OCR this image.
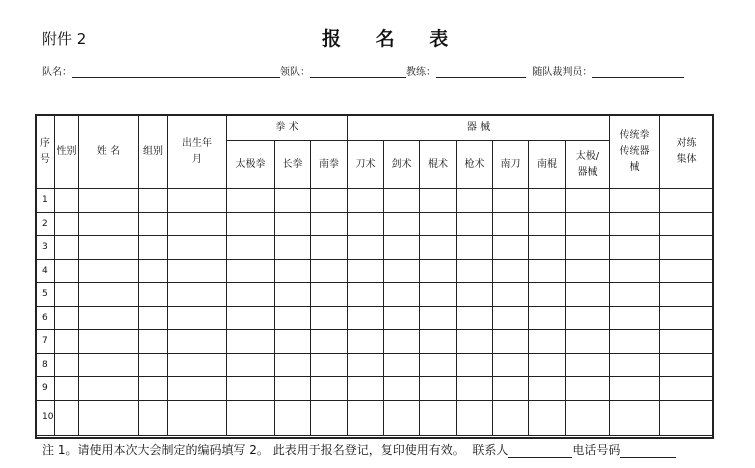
附件 2	报 名 表
队名：	领队：	教练：	随队裁判员：
序号	性别	姓 名	组别	出生年月	拳 术			器 械							传统拳传统器械	对练集体
					太极拳	长拳	南拳	刀术	剑术	棍术	枪术	南刀	南棍	太极/器械		
1																
2																
3																
4																
5																
6																
7																
8																
9																
10																
注 1。请使用本次大会制定的编码填写 2。 此表用于报名登记，复印使用有效。 联系人	电话号码
